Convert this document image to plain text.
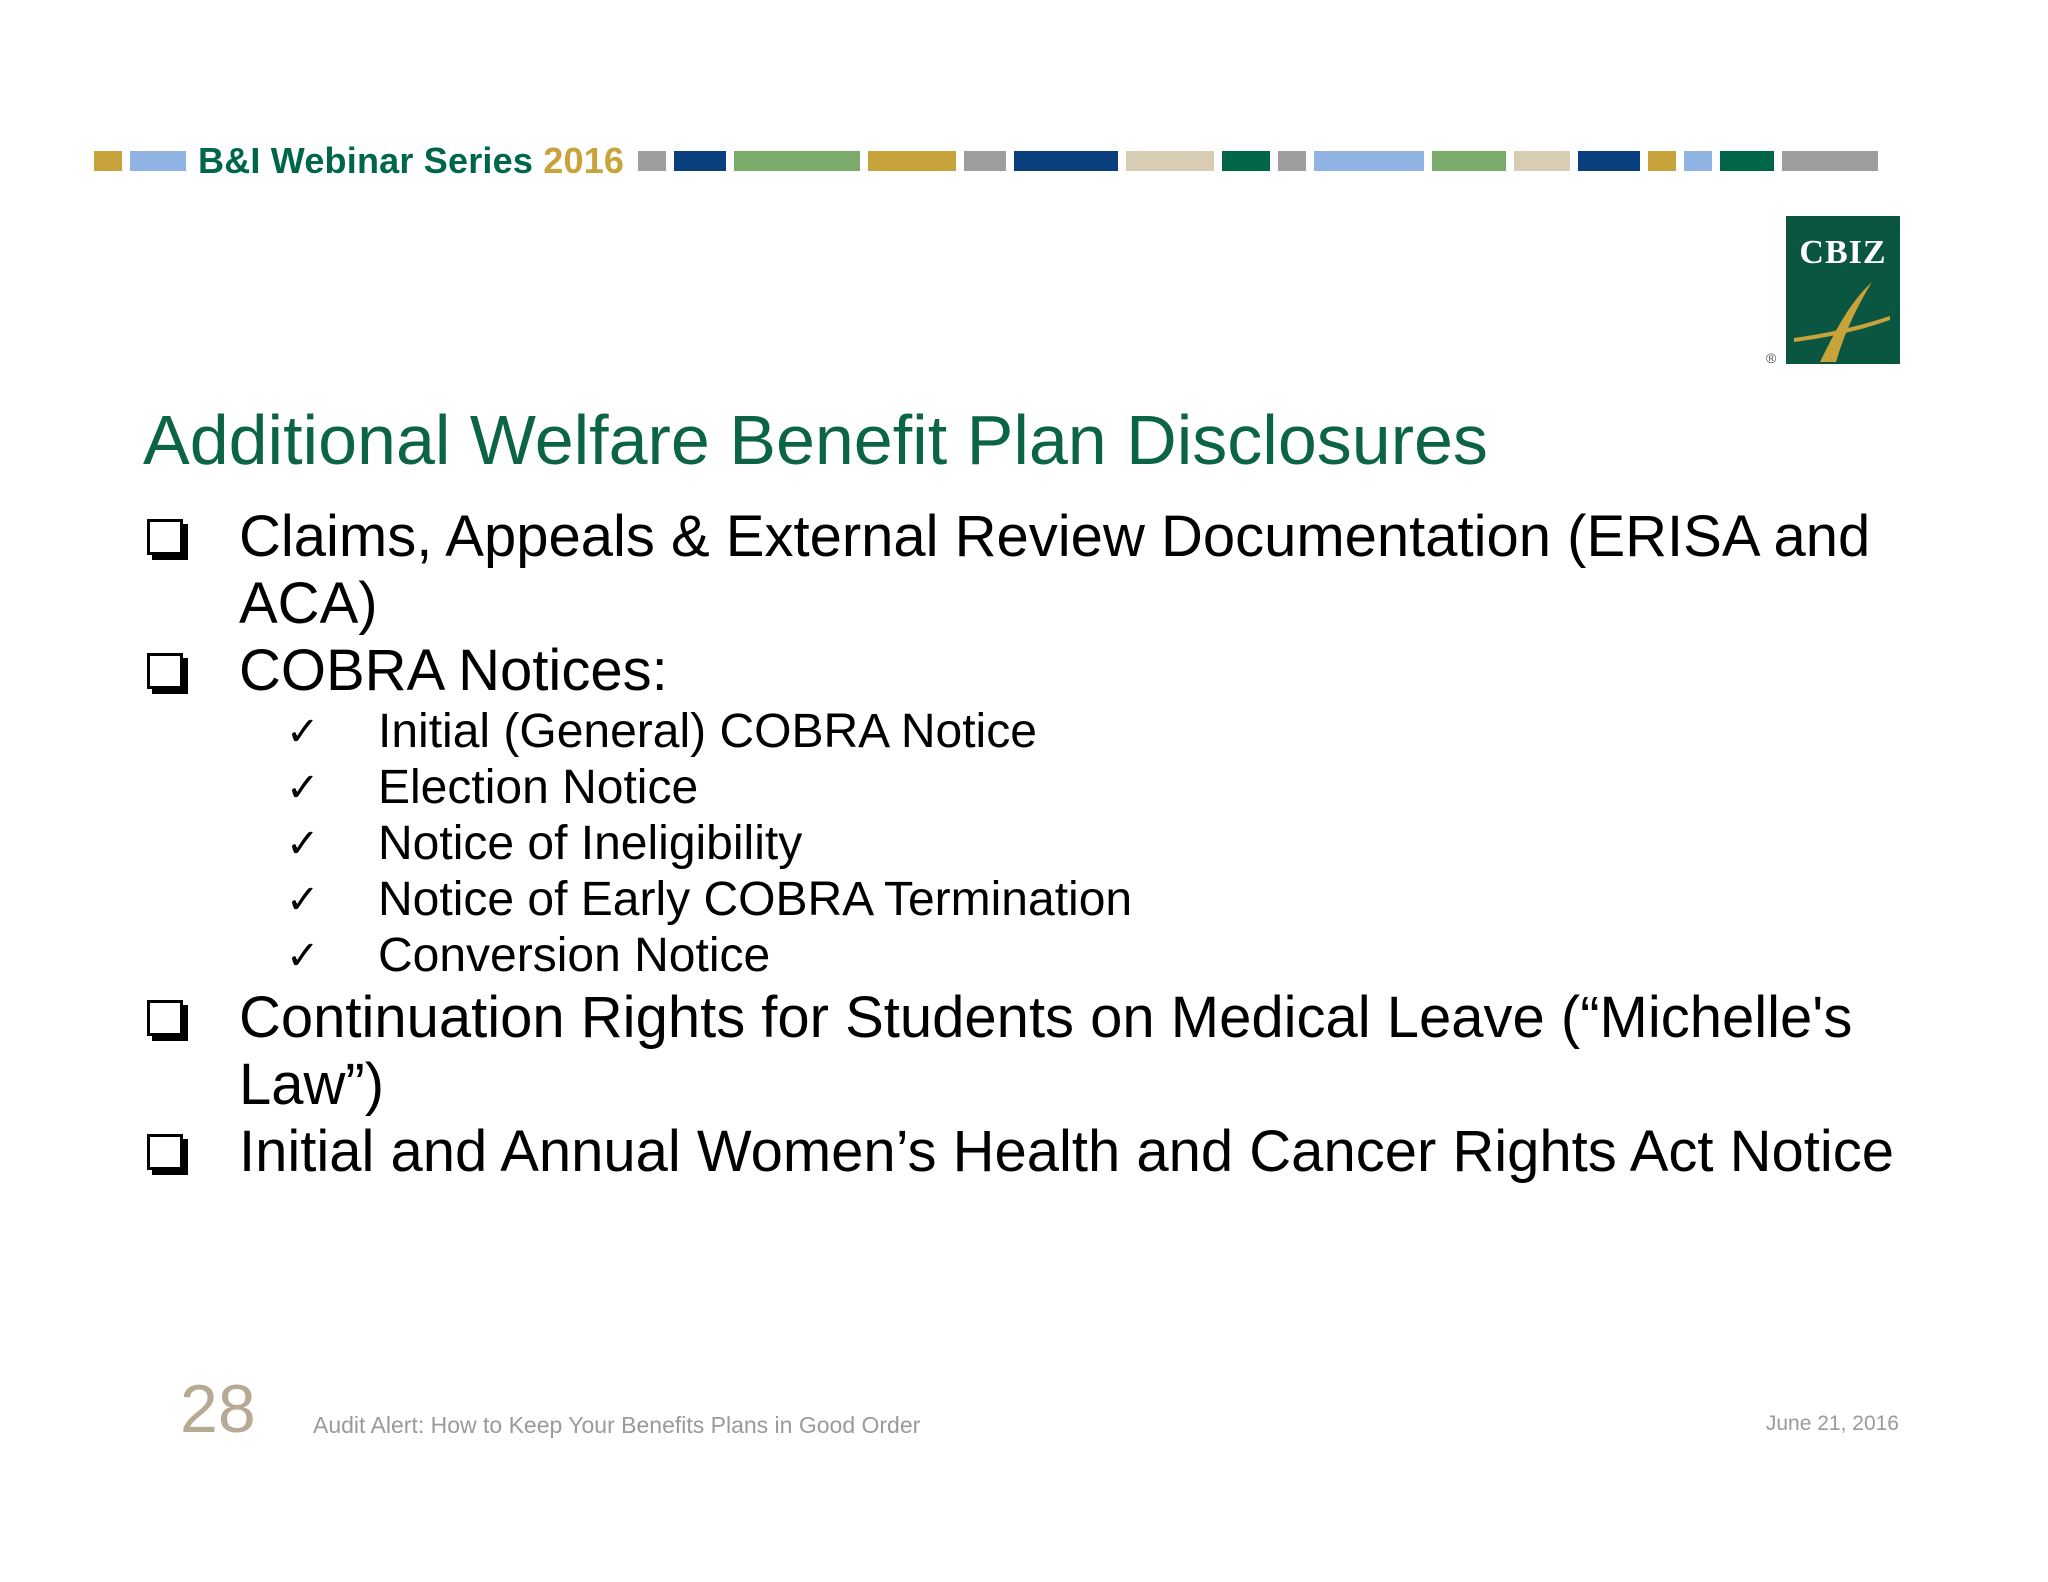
B&I Webinar Series 2016
CBIZ
®
Additional Welfare Benefit Plan Disclosures
Claims, Appeals & External Review Documentation (ERISA and ACA)
COBRA Notices:
✓ Initial (General) COBRA Notice
✓ Election Notice
✓ Notice of Ineligibility
✓ Notice of Early COBRA Termination
✓ Conversion Notice
Continuation Rights for Students on Medical Leave (“Michelle's Law”)
Initial and Annual Women’s Health and Cancer Rights Act Notice
28 Audit Alert: How to Keep Your Benefits Plans in Good Order	June 21, 2016
